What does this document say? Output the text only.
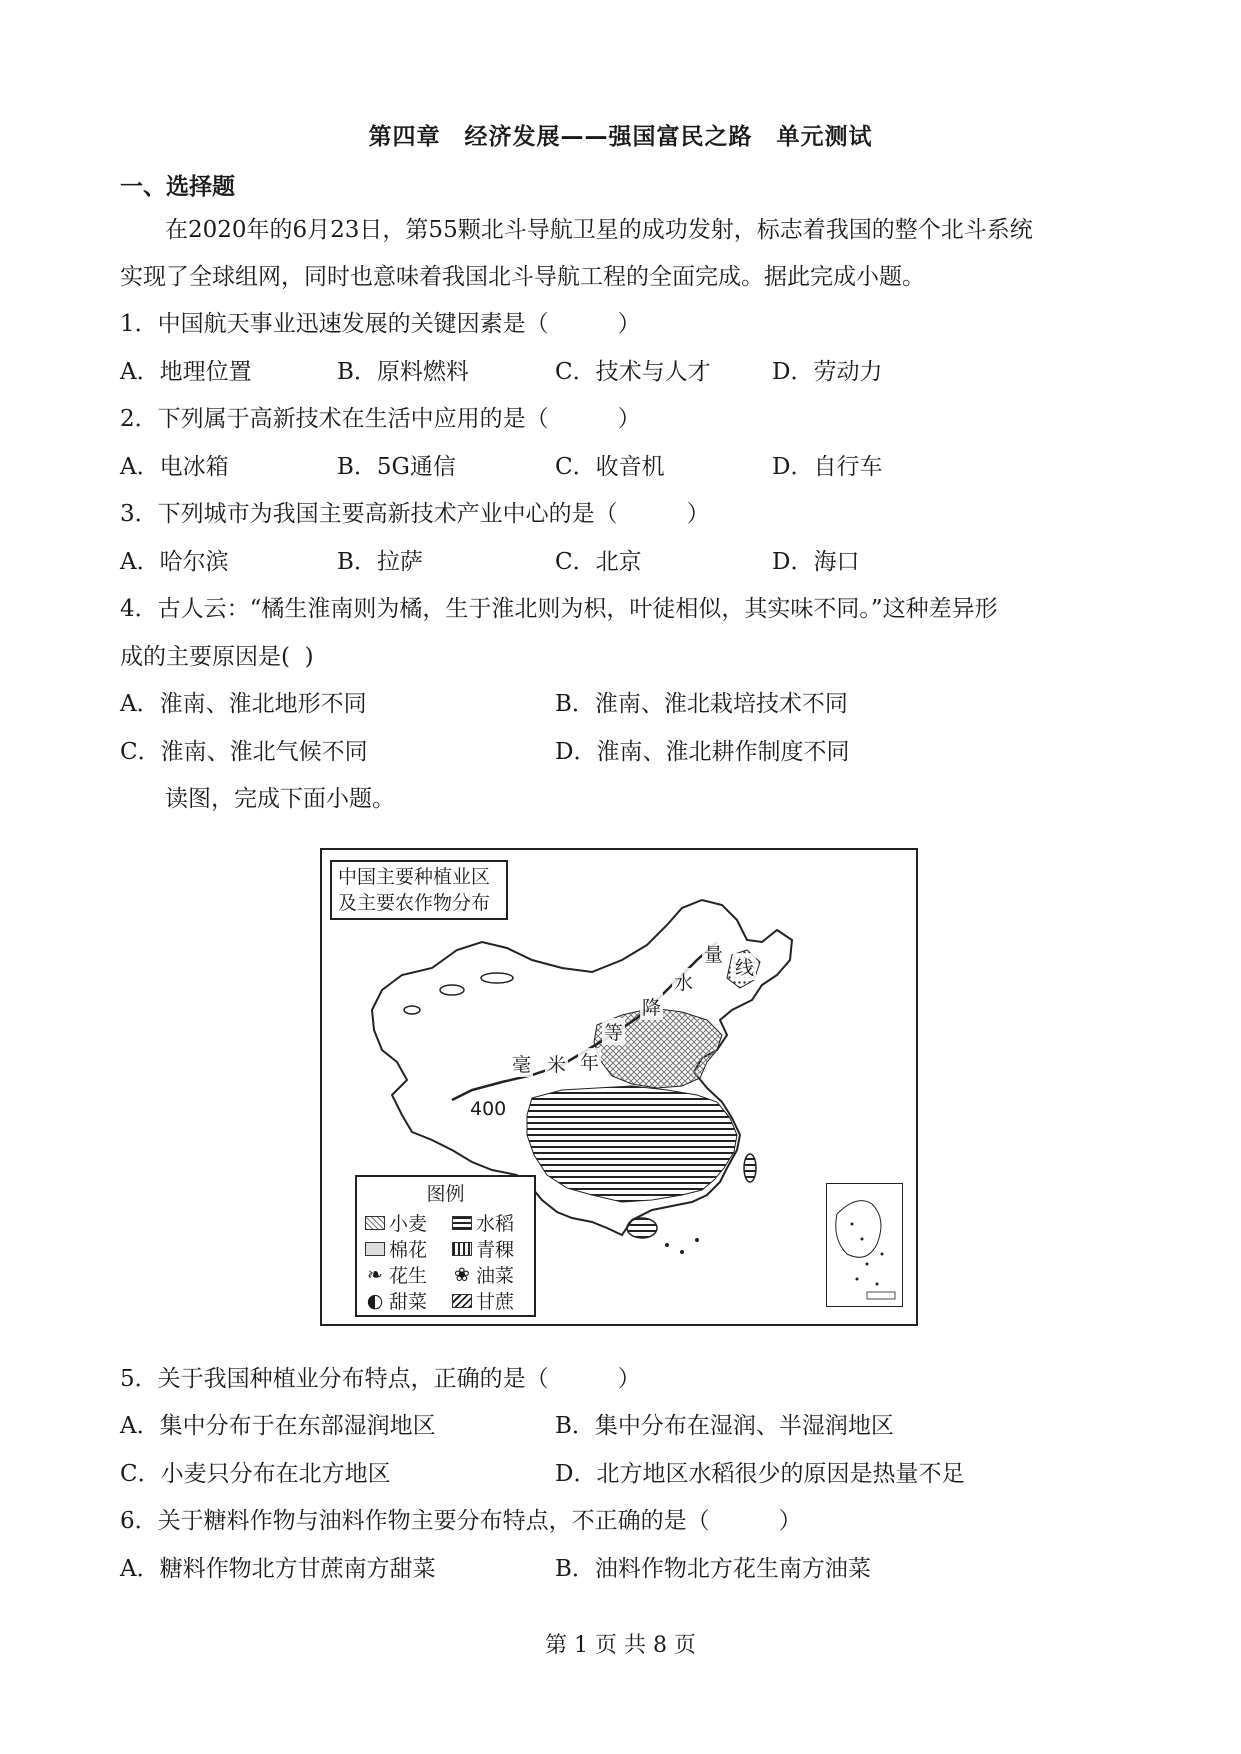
第四章　经济发展——强国富民之路　单元测试
一、选择题
在2020年的6月23日，第55颗北斗导航卫星的成功发射，标志着我国的整个北斗系统
实现了全球组网，同时也意味着我国北斗导航工程的全面完成。据此完成小题。
1．中国航天事业迅速发展的关键因素是（　　　）
A．地理位置	B．原料燃料	C．技术与人才	D．劳动力
2．下列属于高新技术在生活中应用的是（　　　）
A．电冰箱	B．5G通信	C．收音机	D．自行车
3．下列城市为我国主要高新技术产业中心的是（　　　）
A．哈尔滨	B．拉萨	C．北京	D．海口
4．古人云：“橘生淮南则为橘，生于淮北则为枳，叶徒相似，其实味不同。”这种差异形
成的主要原因是(  )
A．淮南、淮北地形不同	B．淮南、淮北栽培技术不同
C．淮南、淮北气候不同	D．淮南、淮北耕作制度不同
读图，完成下面小题。
中国主要种植业区
及主要农作物分布
毫 米 年
等
降
水
量
线
400
图例
小麦	水稻
棉花	青稞
❧ 花生 ❀ 油菜
◐ 甜菜	甘蔗
5．关于我国种植业分布特点，正确的是（　　　）
A．集中分布于在东部湿润地区	B．集中分布在湿润、半湿润地区
C．小麦只分布在北方地区	D．北方地区水稻很少的原因是热量不足
6．关于糖料作物与油料作物主要分布特点，不正确的是（　　　）
A．糖料作物北方甘蔗南方甜菜	B．油料作物北方花生南方油菜
第 1 页 共 8 页
